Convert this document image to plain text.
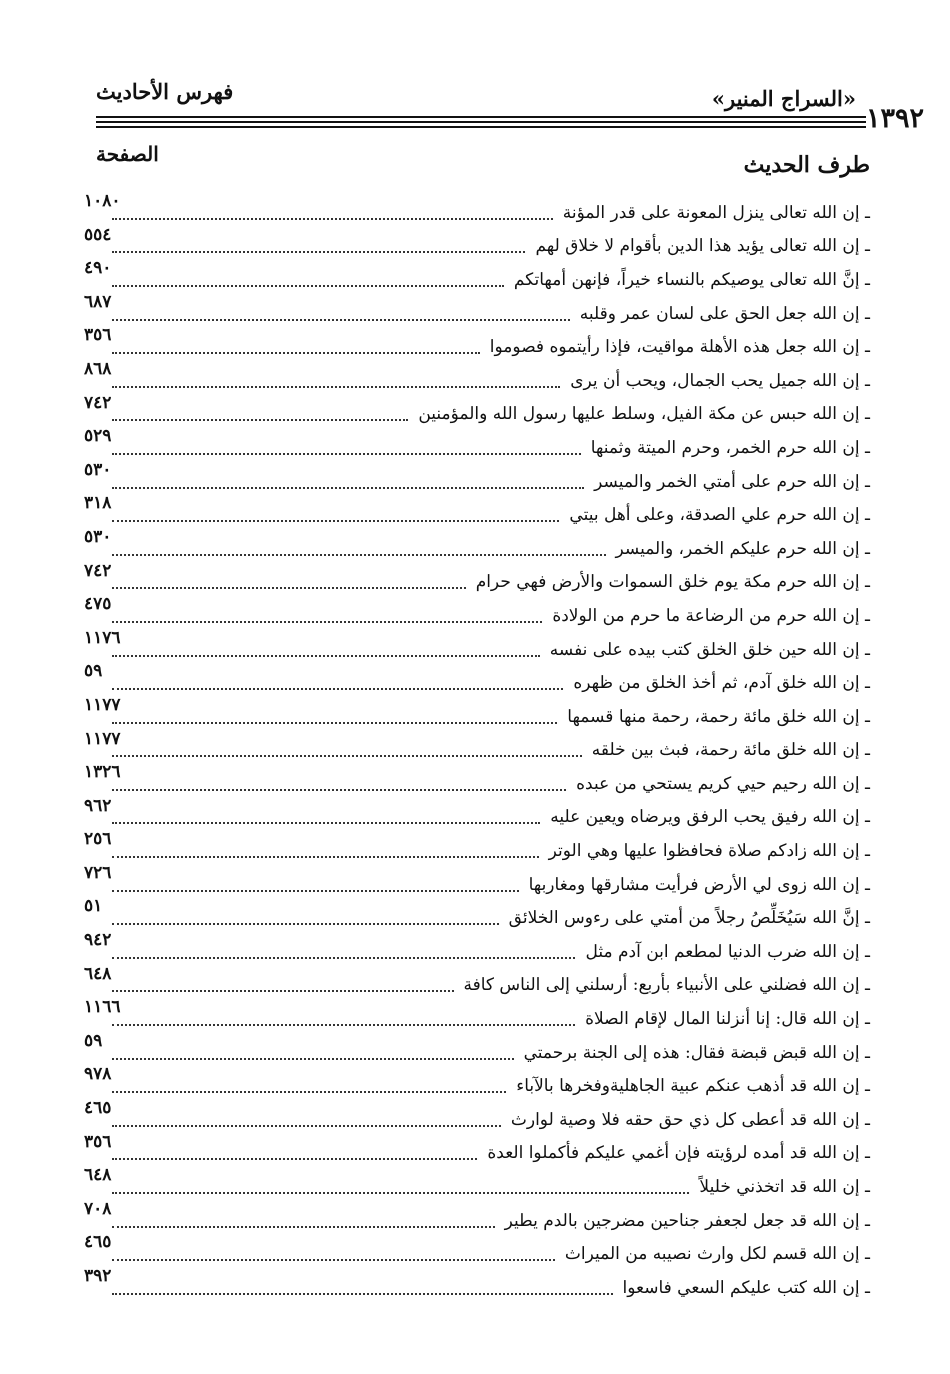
١٣٩٢
«السراج المنير»
فهرس الأحاديث
طرف الحديث
الصفحة
ـ إن الله تعالى ينزل المعونة على قدر المؤنة
١٠٨٠
ـ إن الله تعالى يؤيد هذا الدين بأقوام لا خلاق لهم
٥٥٤
ـ إنَّ الله تعالى يوصيكم بالنساء خيراً، فإنهن أمهاتكم
٤٩٠
ـ إن الله جعل الحق على لسان عمر وقلبه
٦٨٧
ـ إن الله جعل هذه الأهلة مواقيت، فإذا رأيتموه فصوموا
٣٥٦
ـ إن الله جميل يحب الجمال، ويحب أن يرى
٨٦٨
ـ إن الله حبس عن مكة الفيل، وسلط عليها رسول الله والمؤمنين
٧٤٢
ـ إن الله حرم الخمر، وحرم الميتة وثمنها
٥٢٩
ـ إن الله حرم على أمتي الخمر والميسر
٥٣٠
ـ إن الله حرم علي الصدقة، وعلى أهل بيتي
٣١٨
ـ إن الله حرم عليكم الخمر، والميسر
٥٣٠
ـ إن الله حرم مكة يوم خلق السموات والأرض فهي حرام
٧٤٢
ـ إن الله حرم من الرضاعة ما حرم من الولادة
٤٧٥
ـ إن الله حين خلق الخلق كتب بيده على نفسه
١١٧٦
ـ إن الله خلق آدم، ثم أخذ الخلق من ظهره
٥٩
ـ إن الله خلق مائة رحمة، رحمة منها قسمها
١١٧٧
ـ إن الله خلق مائة رحمة، فبث بين خلقه
١١٧٧
ـ إن الله رحيم حيي كريم يستحي من عبده
١٣٢٦
ـ إن الله رفيق يحب الرفق ويرضاه ويعين عليه
٩٦٢
ـ إن الله زادكم صلاة فحافظوا عليها وهي الوتر
٢٥٦
ـ إن الله زوى لي الأرض فرأيت مشارقها ومغاربها
٧٢٦
ـ إنَّ الله سَيُخَلِّصُ رجلاً من أمتي على رءوس الخلائق
٥١
ـ إن الله ضرب الدنيا لمطعم ابن آدم مثل
٩٤٢
ـ إن الله فضلني على الأنبياء بأربع: أرسلني إلى الناس كافة
٦٤٨
ـ إن الله قال: إنا أنزلنا المال لإقام الصلاة
١١٦٦
ـ إن الله قبض قبضة فقال: هذه إلى الجنة برحمتي
٥٩
ـ إن الله قد أذهب عنكم عبية الجاهليةوفخرها بالآباء
٩٧٨
ـ إن الله قد أعطى كل ذي حق حقه فلا وصية لوارث
٤٦٥
ـ إن الله قد أمده لرؤيته فإن أغمي عليكم فأكملوا العدة
٣٥٦
ـ إن الله قد اتخذني خليلاً
٦٤٨
ـ إن الله قد جعل لجعفر جناحين مضرجين بالدم يطير
٧٠٨
ـ إن الله قسم لكل وارث نصيبه من الميراث
٤٦٥
ـ إن الله كتب عليكم السعي فاسعوا
٣٩٢
